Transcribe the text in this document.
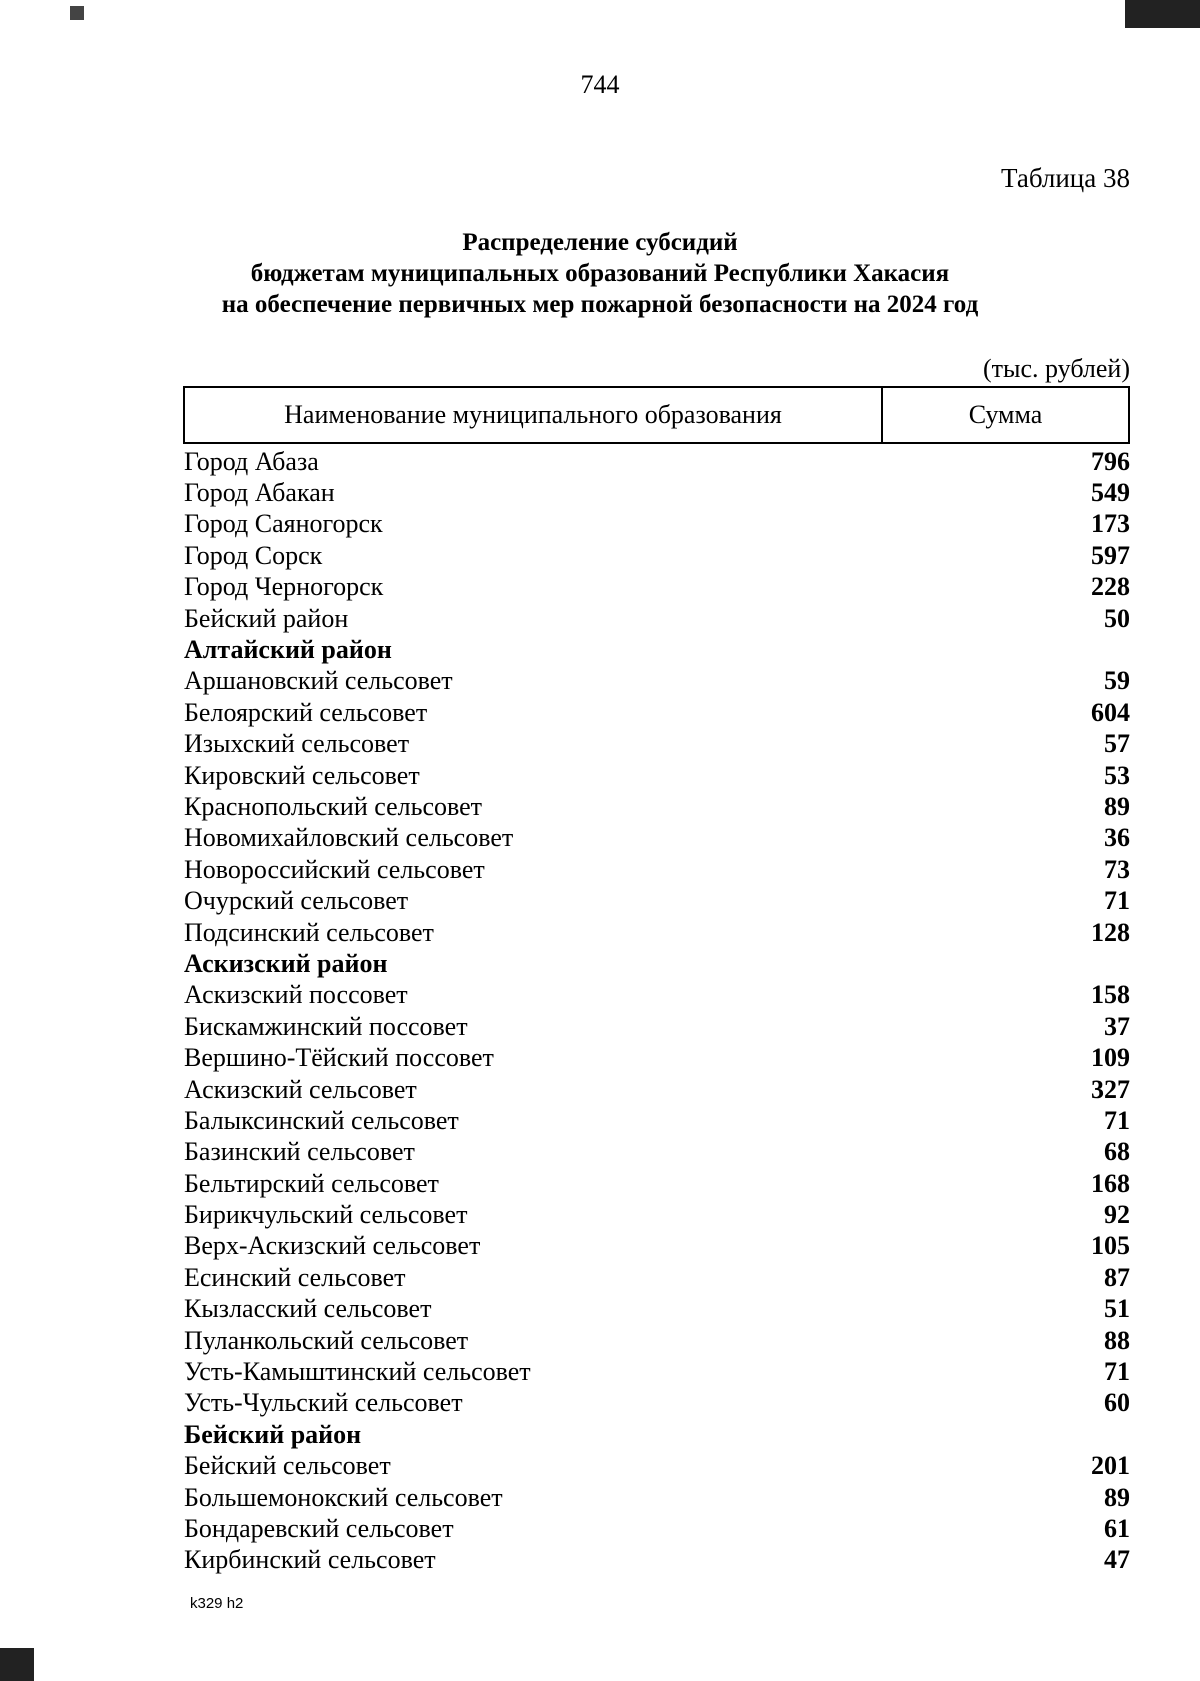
744
Таблица 38
Распределение субсидий
бюджетам муниципальных образований Республики Хакасия
на обеспечение первичных мер пожарной безопасности на 2024 год
(тыс. рублей)
Наименование муниципального образования	Сумма
Город Абаза	796
Город Абакан	549
Город Саяногорск	173
Город Сорск	597
Город Черногорск	228
Бейский район	50
Алтайский район
Аршановский сельсовет	59
Белоярский сельсовет	604
Изыхский сельсовет	57
Кировский сельсовет	53
Краснопольский сельсовет	89
Новомихайловский сельсовет	36
Новороссийский сельсовет	73
Очурский сельсовет	71
Подсинский сельсовет	128
Аскизский район
Аскизский поссовет	158
Бискамжинский поссовет	37
Вершино-Тёйский поссовет	109
Аскизский сельсовет	327
Балыксинский сельсовет	71
Базинский сельсовет	68
Бельтирский сельсовет	168
Бирикчульский сельсовет	92
Верх-Аскизский сельсовет	105
Есинский сельсовет	87
Кызласский сельсовет	51
Пуланкольский сельсовет	88
Усть-Камыштинский сельсовет	71
Усть-Чульский сельсовет	60
Бейский район
Бейский сельсовет	201
Большемонокский сельсовет	89
Бондаревский сельсовет	61
Кирбинский сельсовет	47
k329 h2
